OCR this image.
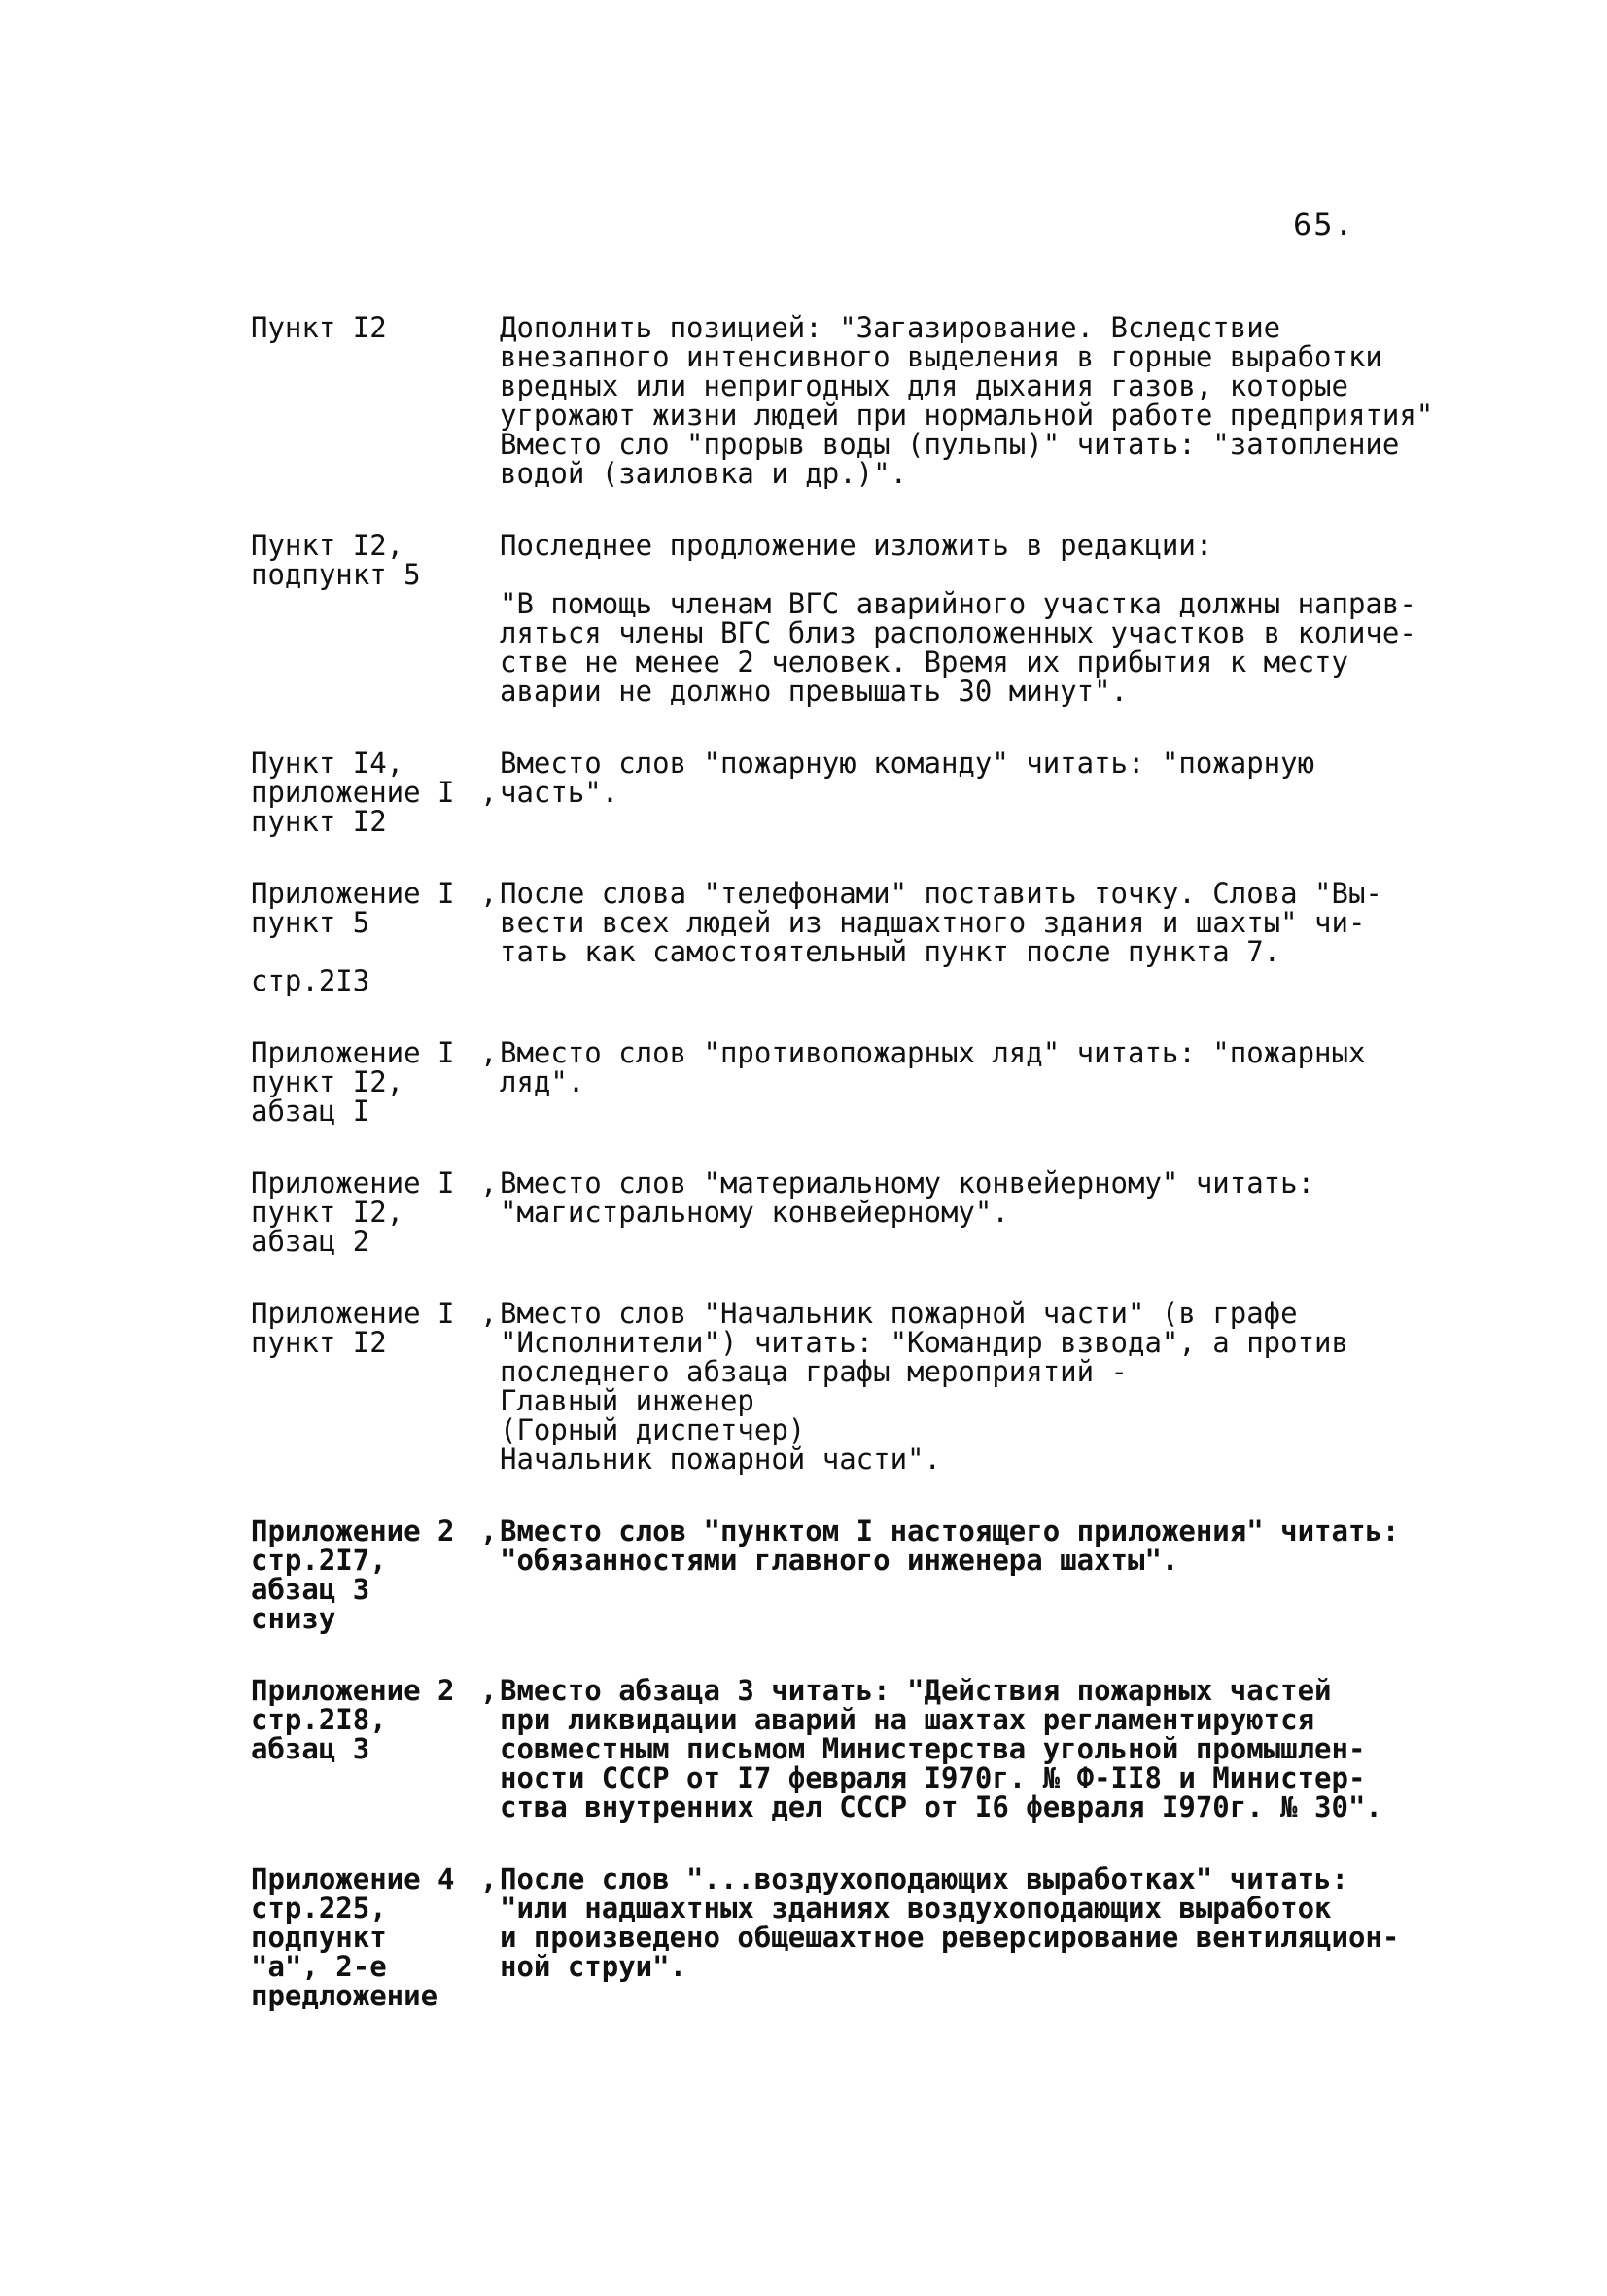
65.
Пункт I2	Дополнить позицией: "Загазирование. Вследствие
внезапного интенсивного выделения в горные выработки
вредных или непригодных для дыхания газов, которые
угрожают жизни людей при нормальной работе предприятия"
Вместо сло "прорыв воды (пульпы)" читать: "затопление
водой (заиловка и др.)".
Пункт I2,
подпункт 5
Последнее продложение изложить в редакции:
"В помощь членам ВГС аварийного участка должны направ-
ляться члены ВГС близ расположенных участков в количе-
стве не менее 2 человек. Время их прибытия к месту
аварии не должно превышать 30 минут".
Пункт I4,
приложение I
пункт I2
,
Вместо слов "пожарную команду" читать: "пожарную
часть".
Приложение I
пункт 5
стр.2I3
, После слова "телефонами" поставить точку. Слова "Вы-
вести всех людей из надшахтного здания и шахты" чи-
тать как самостоятельный пункт после пункта 7.
Приложение I
пункт I2,
абзац I
, Вместо слов "противопожарных ляд" читать: "пожарных
ляд".
Приложение I
пункт I2,
абзац 2
, Вместо слов "материальному конвейерному" читать:
"магистральному конвейерному".
Приложение I
пункт I2
, Вместо слов "Начальник пожарной части" (в графе
"Исполнители") читать: "Командир взвода", а против
последнего абзаца графы мероприятий -
Главный инженер
(Горный диспетчер)
Начальник пожарной части".
Приложение 2
стр.2I7,
абзац 3
снизу
, Вместо слов "пунктом I настоящего приложения" читать:
"обязанностями главного инженера шахты".
Приложение 2
стр.2I8,
абзац 3
, Вместо абзаца 3 читать: "Действия пожарных частей
при ликвидации аварий на шахтах регламентируются
совместным письмом Министерства угольной промышлен-
ности СССР от I7 февраля I970г. № Ф-II8 и Министер-
ства внутренних дел СССР от I6 февраля I970г. № 30".
Приложение 4
стр.225,
подпункт
"а", 2-е
предложение
, После слов "...воздухоподающих выработках" читать:
"или надшахтных зданиях воздухоподающих выработок
и произведено общешахтное реверсирование вентиляцион-
ной струи".
